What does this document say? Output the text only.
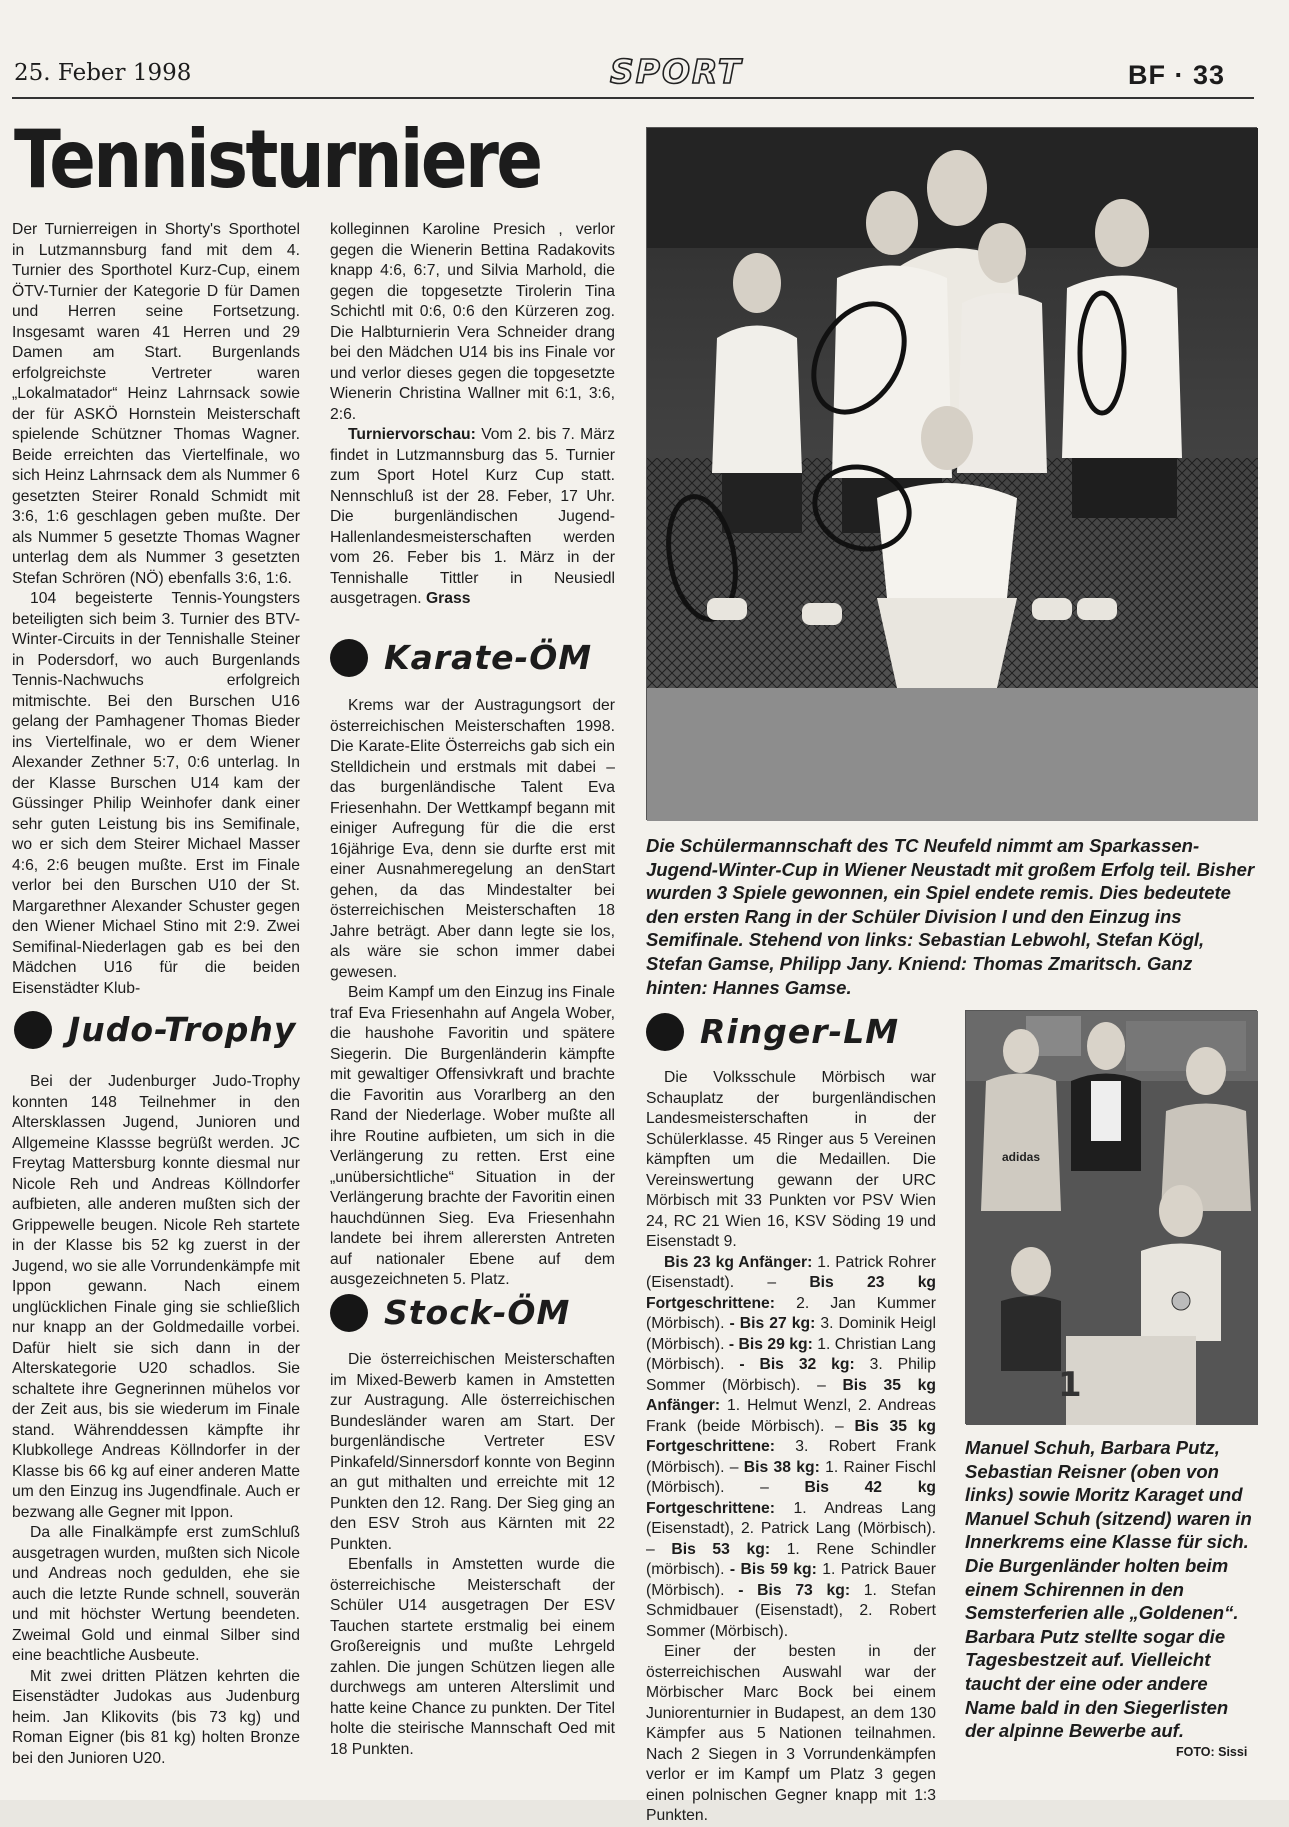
25. Feber 1998	SPORT	BF · 33
Tennisturniere

Der Turnierreigen in Shorty's Sporthotel in Lutzmannsburg fand mit dem 4. Turnier des Sporthotel Kurz-Cup, einem ÖTV-Turnier der Kategorie D für Damen und Herren seine Fortsetzung. Insgesamt waren 41 Herren und 29 Damen am Start. Burgenlands erfolgreichste Vertreter waren „Lokalmatador“ Heinz Lahrnsack sowie der für ASKÖ Hornstein Meisterschaft spielende Schützner Thomas Wagner. Beide erreichten das Viertelfinale, wo sich Heinz Lahrnsack dem als Nummer 6 gesetzten Steirer Ronald Schmidt mit 3:6, 1:6 geschlagen geben mußte. Der als Nummer 5 gesetzte Thomas Wagner unterlag dem als Nummer 3 gesetzten Stefan Schrören (NÖ) ebenfalls 3:6, 1:6.

104 begeisterte Tennis-Youngsters beteiligten sich beim 3. Turnier des BTV-Winter-Circuits in der Tennishalle Steiner in Podersdorf, wo auch Burgenlands Tennis-Nachwuchs erfolgreich mitmischte. Bei den Burschen U16 gelang der Pamhagener Thomas Bieder ins Viertelfinale, wo er dem Wiener Alexander Zethner 5:7, 0:6 unterlag. In der Klasse Burschen U14 kam der Güssinger Philip Weinhofer dank einer sehr guten Leistung bis ins Semifinale, wo er sich dem Steirer Michael Masser 4:6, 2:6 beugen mußte. Erst im Finale verlor bei den Burschen U10 der St. Margarethner Alexander Schuster gegen den Wiener Michael Stino mit 2:9. Zwei Semifinal-Niederlagen gab es bei den Mädchen U16 für die beiden Eisenstädter Klub-

Judo-Trophy

Bei der Judenburger Judo-Trophy konnten 148 Teilnehmer in den Altersklassen Jugend, Junioren und Allgemeine Klassse begrüßt werden. JC Freytag Mattersburg konnte diesmal nur Nicole Reh und Andreas Köllndorfer aufbieten, alle anderen mußten sich der Grippewelle beugen. Nicole Reh startete in der Klasse bis 52 kg zuerst in der Jugend, wo sie alle Vorrundenkämpfe mit Ippon gewann. Nach einem unglücklichen Finale ging sie schließlich nur knapp an der Goldmedaille vorbei. Dafür hielt sie sich dann in der Alterskategorie U20 schadlos. Sie schaltete ihre Gegnerinnen mühelos vor der Zeit aus, bis sie wiederum im Finale stand. Währenddessen kämpfte ihr Klubkollege Andreas Köllndorfer in der Klasse bis 66 kg auf einer anderen Matte um den Einzug ins Jugendfinale. Auch er bezwang alle Gegner mit Ippon.

Da alle Finalkämpfe erst zumSchluß ausgetragen wurden, mußten sich Nicole und Andreas noch gedulden, ehe sie auch die letzte Runde schnell, souverän und mit höchster Wertung beendeten. Zweimal Gold und einmal Silber sind eine beachtliche Ausbeute.

Mit zwei dritten Plätzen kehrten die Eisenstädter Judokas aus Judenburg heim. Jan Klikovits (bis 73 kg) und Roman Eigner (bis 81 kg) holten Bronze bei den Junioren U20.

kolleginnen Karoline Presich , verlor gegen die Wienerin Bettina Radakovits knapp 4:6, 6:7, und Silvia Marhold, die gegen die topgesetzte Tirolerin Tina Schichtl mit 0:6, 0:6 den Kürzeren zog. Die Halbturnierin Vera Schneider drang bei den Mädchen U14 bis ins Finale vor und verlor dieses gegen die topgesetzte Wienerin Christina Wallner mit 6:1, 3:6, 2:6.

Turniervorschau: Vom 2. bis 7. März findet in Lutzmannsburg das 5. Turnier zum Sport Hotel Kurz Cup statt. Nennschluß ist der 28. Feber, 17 Uhr. Die burgenländischen Jugend-Hallenlandesmeisterschaften werden vom 26. Feber bis 1. März in der Tennishalle Tittler in Neusiedl ausgetragen. Grass

Karate-ÖM

Krems war der Austragungsort der österreichischen Meisterschaften 1998. Die Karate-Elite Österreichs gab sich ein Stelldichein und erstmals mit dabei – das burgenländische Talent Eva Friesenhahn. Der Wettkampf begann mit einiger Aufregung für die die erst 16jährige Eva, denn sie durfte erst mit einer Ausnahmeregelung an denStart gehen, da das Mindestalter bei österreichischen Meisterschaften 18 Jahre beträgt. Aber dann legte sie los, als wäre sie schon immer dabei gewesen.

Beim Kampf um den Einzug ins Finale traf Eva Friesenhahn auf Angela Wober, die haushohe Favoritin und spätere Siegerin. Die Burgenländerin kämpfte mit gewaltiger Offensivkraft und brachte die Favoritin aus Vorarlberg an den Rand der Niederlage. Wober mußte all ihre Routine aufbieten, um sich in die Verlängerung zu retten. Erst eine „unübersichtliche“ Situation in der Verlängerung brachte der Favoritin einen hauchdünnen Sieg. Eva Friesenhahn landete bei ihrem allerersten Antreten auf nationaler Ebene auf dem ausgezeichneten 5. Platz.

Stock-ÖM

Die österreichischen Meisterschaften im Mixed-Bewerb kamen in Amstetten zur Austragung. Alle österreichischen Bundesländer waren am Start. Der burgenländische Vertreter ESV Pinkafeld/Sinnersdorf konnte von Beginn an gut mithalten und erreichte mit 12 Punkten den 12. Rang. Der Sieg ging an den ESV Stroh aus Kärnten mit 22 Punkten.

Ebenfalls in Amstetten wurde die österreichische Meisterschaft der Schüler U14 ausgetragen Der ESV Tauchen startete erstmalig bei einem Großereignis und mußte Lehrgeld zahlen. Die jungen Schützen liegen alle durchwegs am unteren Alterslimit und hatte keine Chance zu punkten. Der Titel holte die steirische Mannschaft Oed mit 18 Punkten.

Die Schülermannschaft des TC Neufeld nimmt am Sparkassen-Jugend-Winter-Cup in Wiener Neustadt mit großem Erfolg teil. Bisher wurden 3 Spiele gewonnen, ein Spiel endete remis. Dies bedeutete den ersten Rang in der Schüler Division I und den Einzug ins Semifinale. Stehend von links: Sebastian Lebwohl, Stefan Kögl, Stefan Gamse, Philipp Jany. Kniend: Thomas Zmaritsch. Ganz hinten: Hannes Gamse.
Ringer-LM

Die Volksschule Mörbisch war Schauplatz der burgenländischen Landesmeisterschaften in der Schülerklasse. 45 Ringer aus 5 Vereinen kämpften um die Medaillen. Die Vereinswertung gewann der URC Mörbisch mit 33 Punkten vor PSV Wien 24, RC 21 Wien 16, KSV Söding 19 und Eisenstadt 9.

Bis 23 kg Anfänger: 1. Patrick Rohrer (Eisenstadt). – Bis 23 kg Fortgeschrittene: 2. Jan Kummer (Mörbisch). - Bis 27 kg: 3. Dominik Heigl (Mörbisch). - Bis 29 kg: 1. Christian Lang (Mörbisch). - Bis 32 kg: 3. Philip Sommer (Mörbisch). – Bis 35 kg Anfänger: 1. Helmut Wenzl, 2. Andreas Frank (beide Mörbisch). – Bis 35 kg Fortgeschrittene: 3. Robert Frank (Mörbisch). – Bis 38 kg: 1. Rainer Fischl (Mörbisch). – Bis 42 kg Fortgeschrittene: 1. Andreas Lang (Eisenstadt), 2. Patrick Lang (Mörbisch). – Bis 53 kg: 1. Rene Schindler (mörbisch). - Bis 59 kg: 1. Patrick Bauer (Mörbisch). - Bis 73 kg: 1. Stefan Schmidbauer (Eisenstadt), 2. Robert Sommer (Mörbisch).

Einer der besten in der österreichischen Auswahl war der Mörbischer Marc Bock bei einem Juniorenturnier in Budapest, an dem 130 Kämpfer aus 5 Nationen teilnahmen. Nach 2 Siegen in 3 Vorrundenkämpfen verlor er im Kampf um Platz 3 gegen einen polnischen Gegner knapp mit 1:3 Punkten.

adidas
1
Manuel Schuh, Barbara Putz, Sebastian Reisner (oben von links) sowie Moritz Karaget und Manuel Schuh (sitzend) waren in Innerkrems eine Klasse für sich. Die Burgenländer holten beim einem Schirennen in den Semsterferien alle „Goldenen“. Barbara Putz stellte sogar die Tagesbestzeit auf. Vielleicht taucht der eine oder andere Name bald in den Siegerlisten der alpinne Bewerbe auf.
FOTO: Sissi
